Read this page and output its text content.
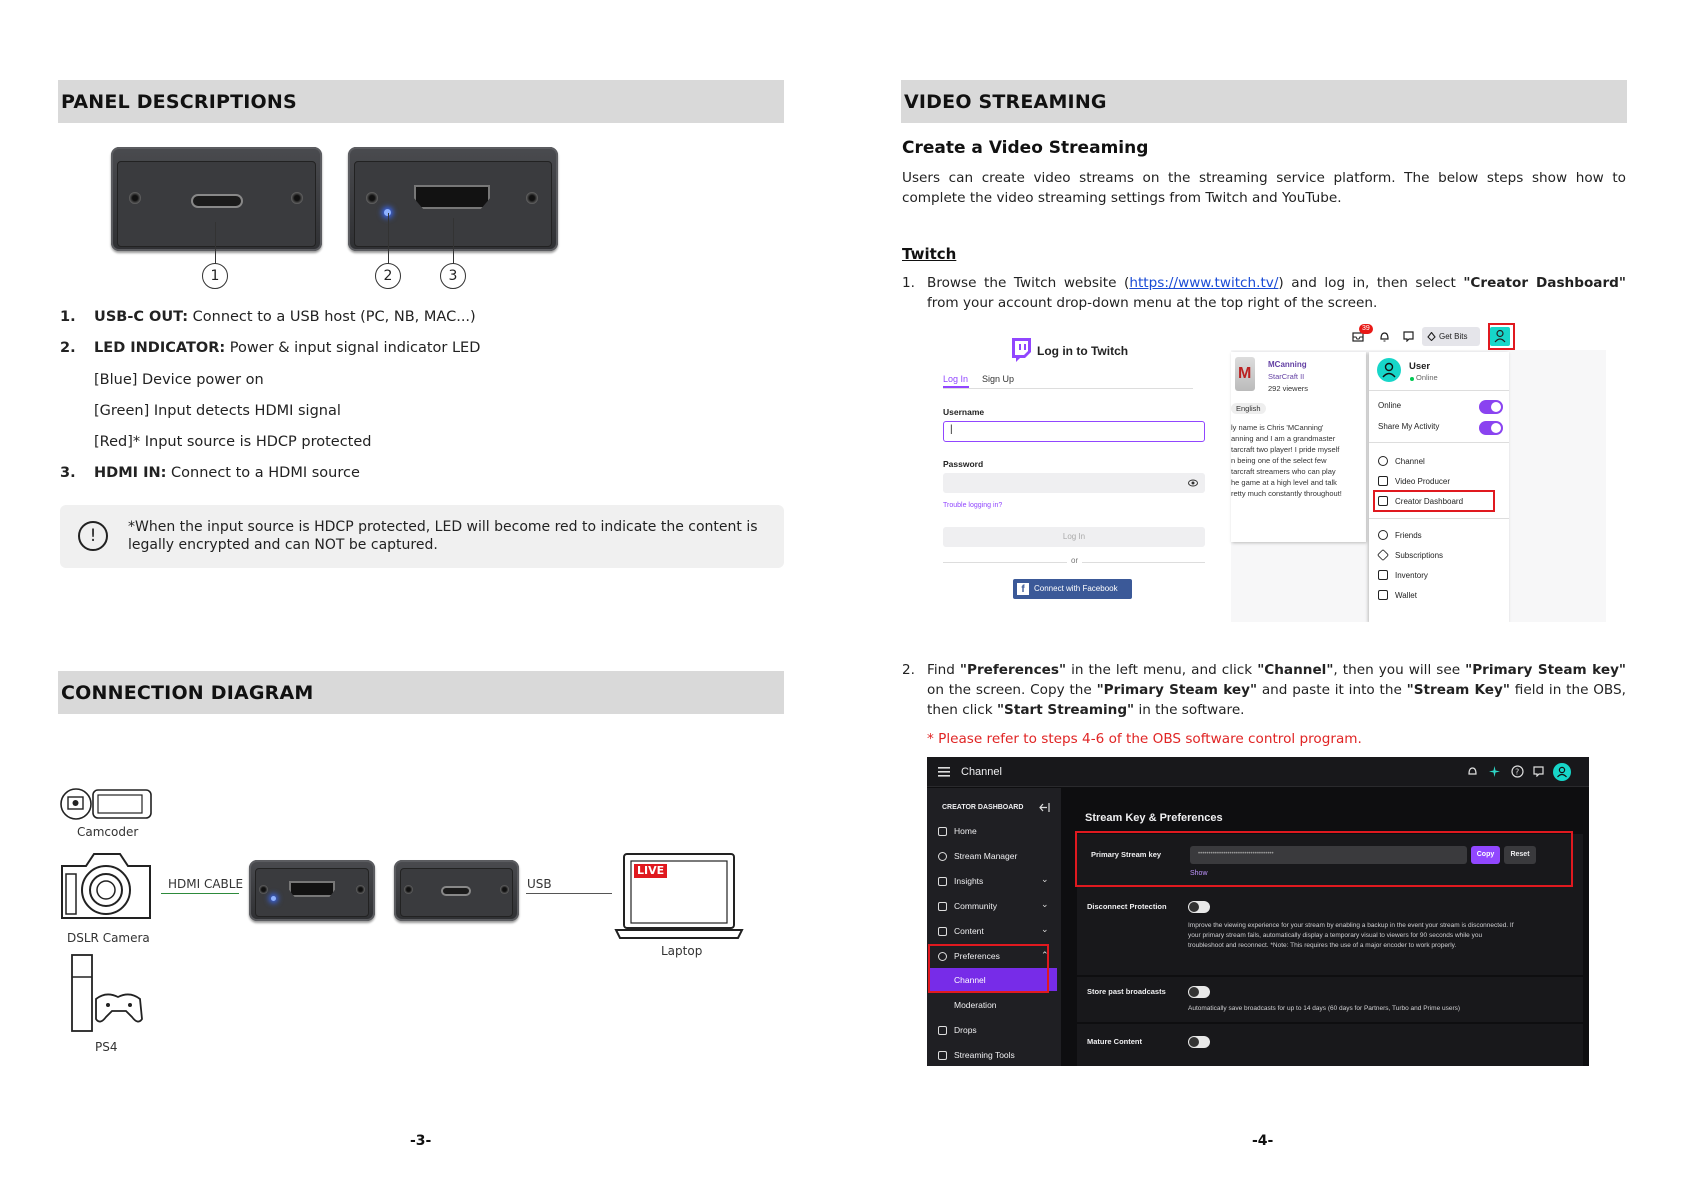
PANEL DESCRIPTIONS
1	2	3
1. USB-C OUT: Connect to a USB host (PC, NB, MAC...)
2. LED INDICATOR: Power & input signal indicator LED
[Blue] Device power on
[Green] Input detects HDMI signal
[Red]* Input source is HDCP protected
3. HDMI IN: Connect to a HDMI source
!	*When the input source is HDCP protected, LED will become red to indicate the content is legally encrypted and can NOT be captured.
CONNECTION DIAGRAM
Camcoder
DSLR Camera
PS4
HDMI CABLE	USB
LIVE
Laptop
-3-
VIDEO STREAMING
Create a Video Streaming
Users can create video streams on the streaming service platform. The below steps show how to complete the video streaming settings from Twitch and YouTube.
Twitch
1. Browse the Twitch website (https://www.twitch.tv/) and log in, then select "Creator Dashboard" from your account drop-down menu at the top right of the screen.
Log in to Twitch
Log In Sign Up
Username
|
Password
Trouble logging in?
Log In
or
f	Connect with Facebook
M
MCanning
StarCraft II
292 viewers
English
ly name is Chris 'MCanning'
anning and I am a grandmaster
tarcraft two player! I pride myself
n being one of the select few
tarcraft streamers who can play
he game at a high level and talk
retty much constantly throughout!
39
Get Bits
User
Online
Online
Share My Activity
Channel
Video Producer
Creator Dashboard
Friends
Subscriptions
Inventory
Wallet
2. Find "Preferences" in the left menu, and click "Channel", then you will see "Primary Steam key" on the screen. Copy the "Primary Steam key" and paste it into the "Stream Key" field in the OBS, then click "Start Streaming" in the software.
* Please refer to steps 4-6 of the OBS software control program.
Channel	?
CREATOR DASHBOARD
Home
Stream Manager
Insights	⌄
Community	⌄
Content	⌄
Preferences	⌃
Channel
Moderation
Drops
Streaming Tools
Stream Key & Preferences
Primary Stream key	••••••••••••••••••••••••••••••••••••	Copy	Reset
Show
Disconnect Protection
Improve the viewing experience for your stream by enabling a backup in the event your stream is disconnected. If your primary stream fails, automatically display a temporary visual to viewers for 90 seconds while you troubleshoot and reconnect. *Note: This requires the use of a major encoder to work properly.
Store past broadcasts
Automatically save broadcasts for up to 14 days (60 days for Partners, Turbo and Prime users)
Mature Content
-4-
